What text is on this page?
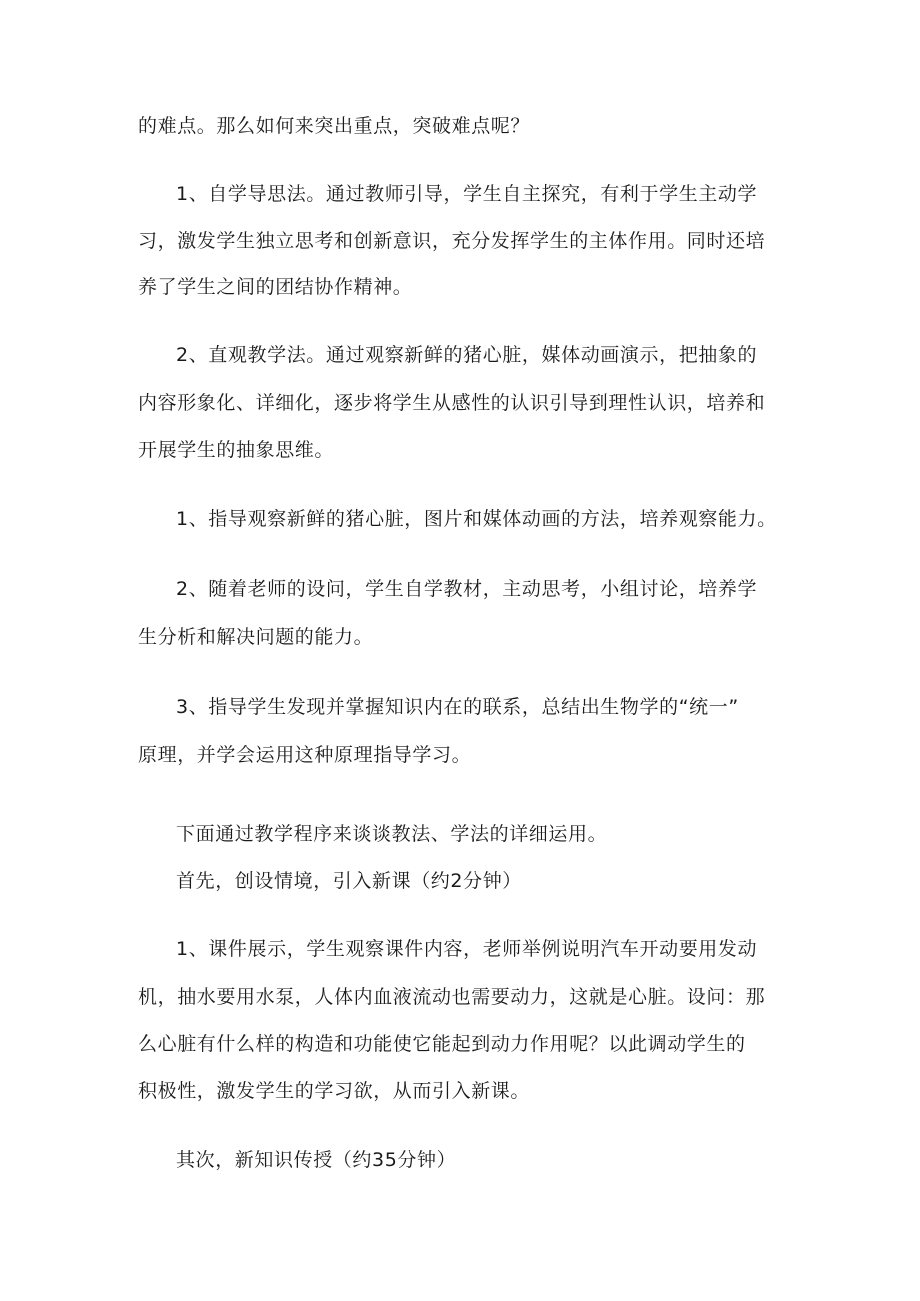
的难点。那么如何来突出重点，突破难点呢？
1、自学导思法。通过教师引导，学生自主探究，有利于学生主动学
习，激发学生独立思考和创新意识，充分发挥学生的主体作用。同时还培
养了学生之间的团结协作精神。
2、直观教学法。通过观察新鲜的猪心脏，媒体动画演示，把抽象的
内容形象化、详细化，逐步将学生从感性的认识引导到理性认识，培养和
开展学生的抽象思维。
1、指导观察新鲜的猪心脏，图片和媒体动画的方法，培养观察能力。
2、随着老师的设问，学生自学教材，主动思考，小组讨论，培养学
生分析和解决问题的能力。
3、指导学生发现并掌握知识内在的联系，总结出生物学的“统一”
原理，并学会运用这种原理指导学习。
下面通过教学程序来谈谈教法、学法的详细运用。
首先，创设情境，引入新课（约2分钟）
1、课件展示，学生观察课件内容，老师举例说明汽车开动要用发动
机，抽水要用水泵，人体内血液流动也需要动力，这就是心脏。设问：那
么心脏有什么样的构造和功能使它能起到动力作用呢？以此调动学生的
积极性，激发学生的学习欲，从而引入新课。
其次，新知识传授（约35分钟）
